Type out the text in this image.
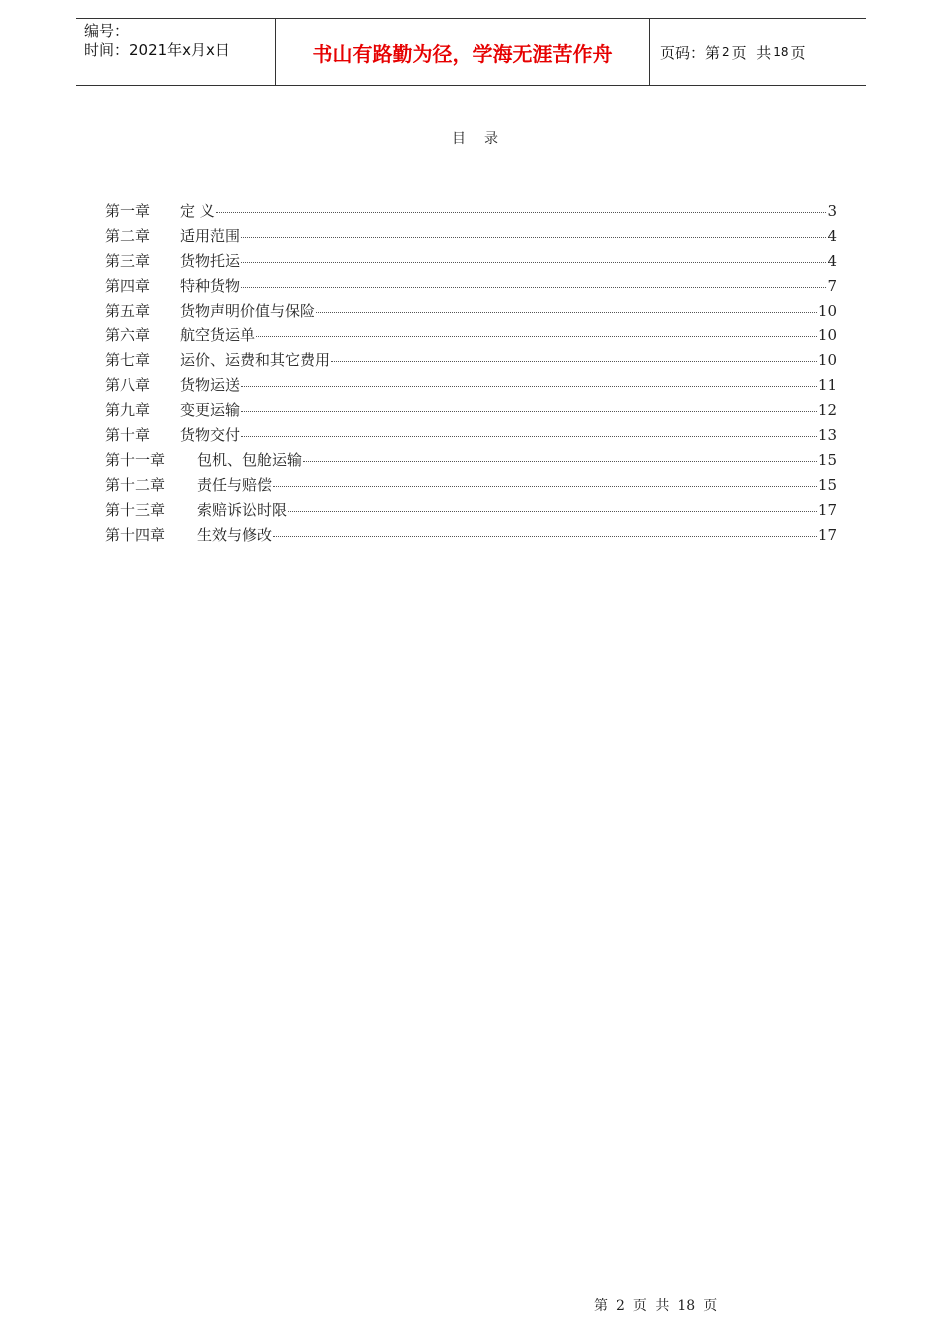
编号：
时间：2021年x月x日	书山有路勤为径，学海无涯苦作舟	页码：第 2 页  共 18 页
目录
第一章	定 义	3
第二章	适用范围	4
第三章	货物托运	4
第四章	特种货物	7
第五章	货物声明价值与保险	10
第六章	航空货运单	10
第七章	运价、运费和其它费用	10
第八章	货物运送	11
第九章	变更运输	12
第十章	货物交付	13
第十一章	包机、包舱运输	15
第十二章	责任与赔偿	15
第十三章	索赔诉讼时限	17
第十四章	生效与修改	17
第 2 页 共 18 页
